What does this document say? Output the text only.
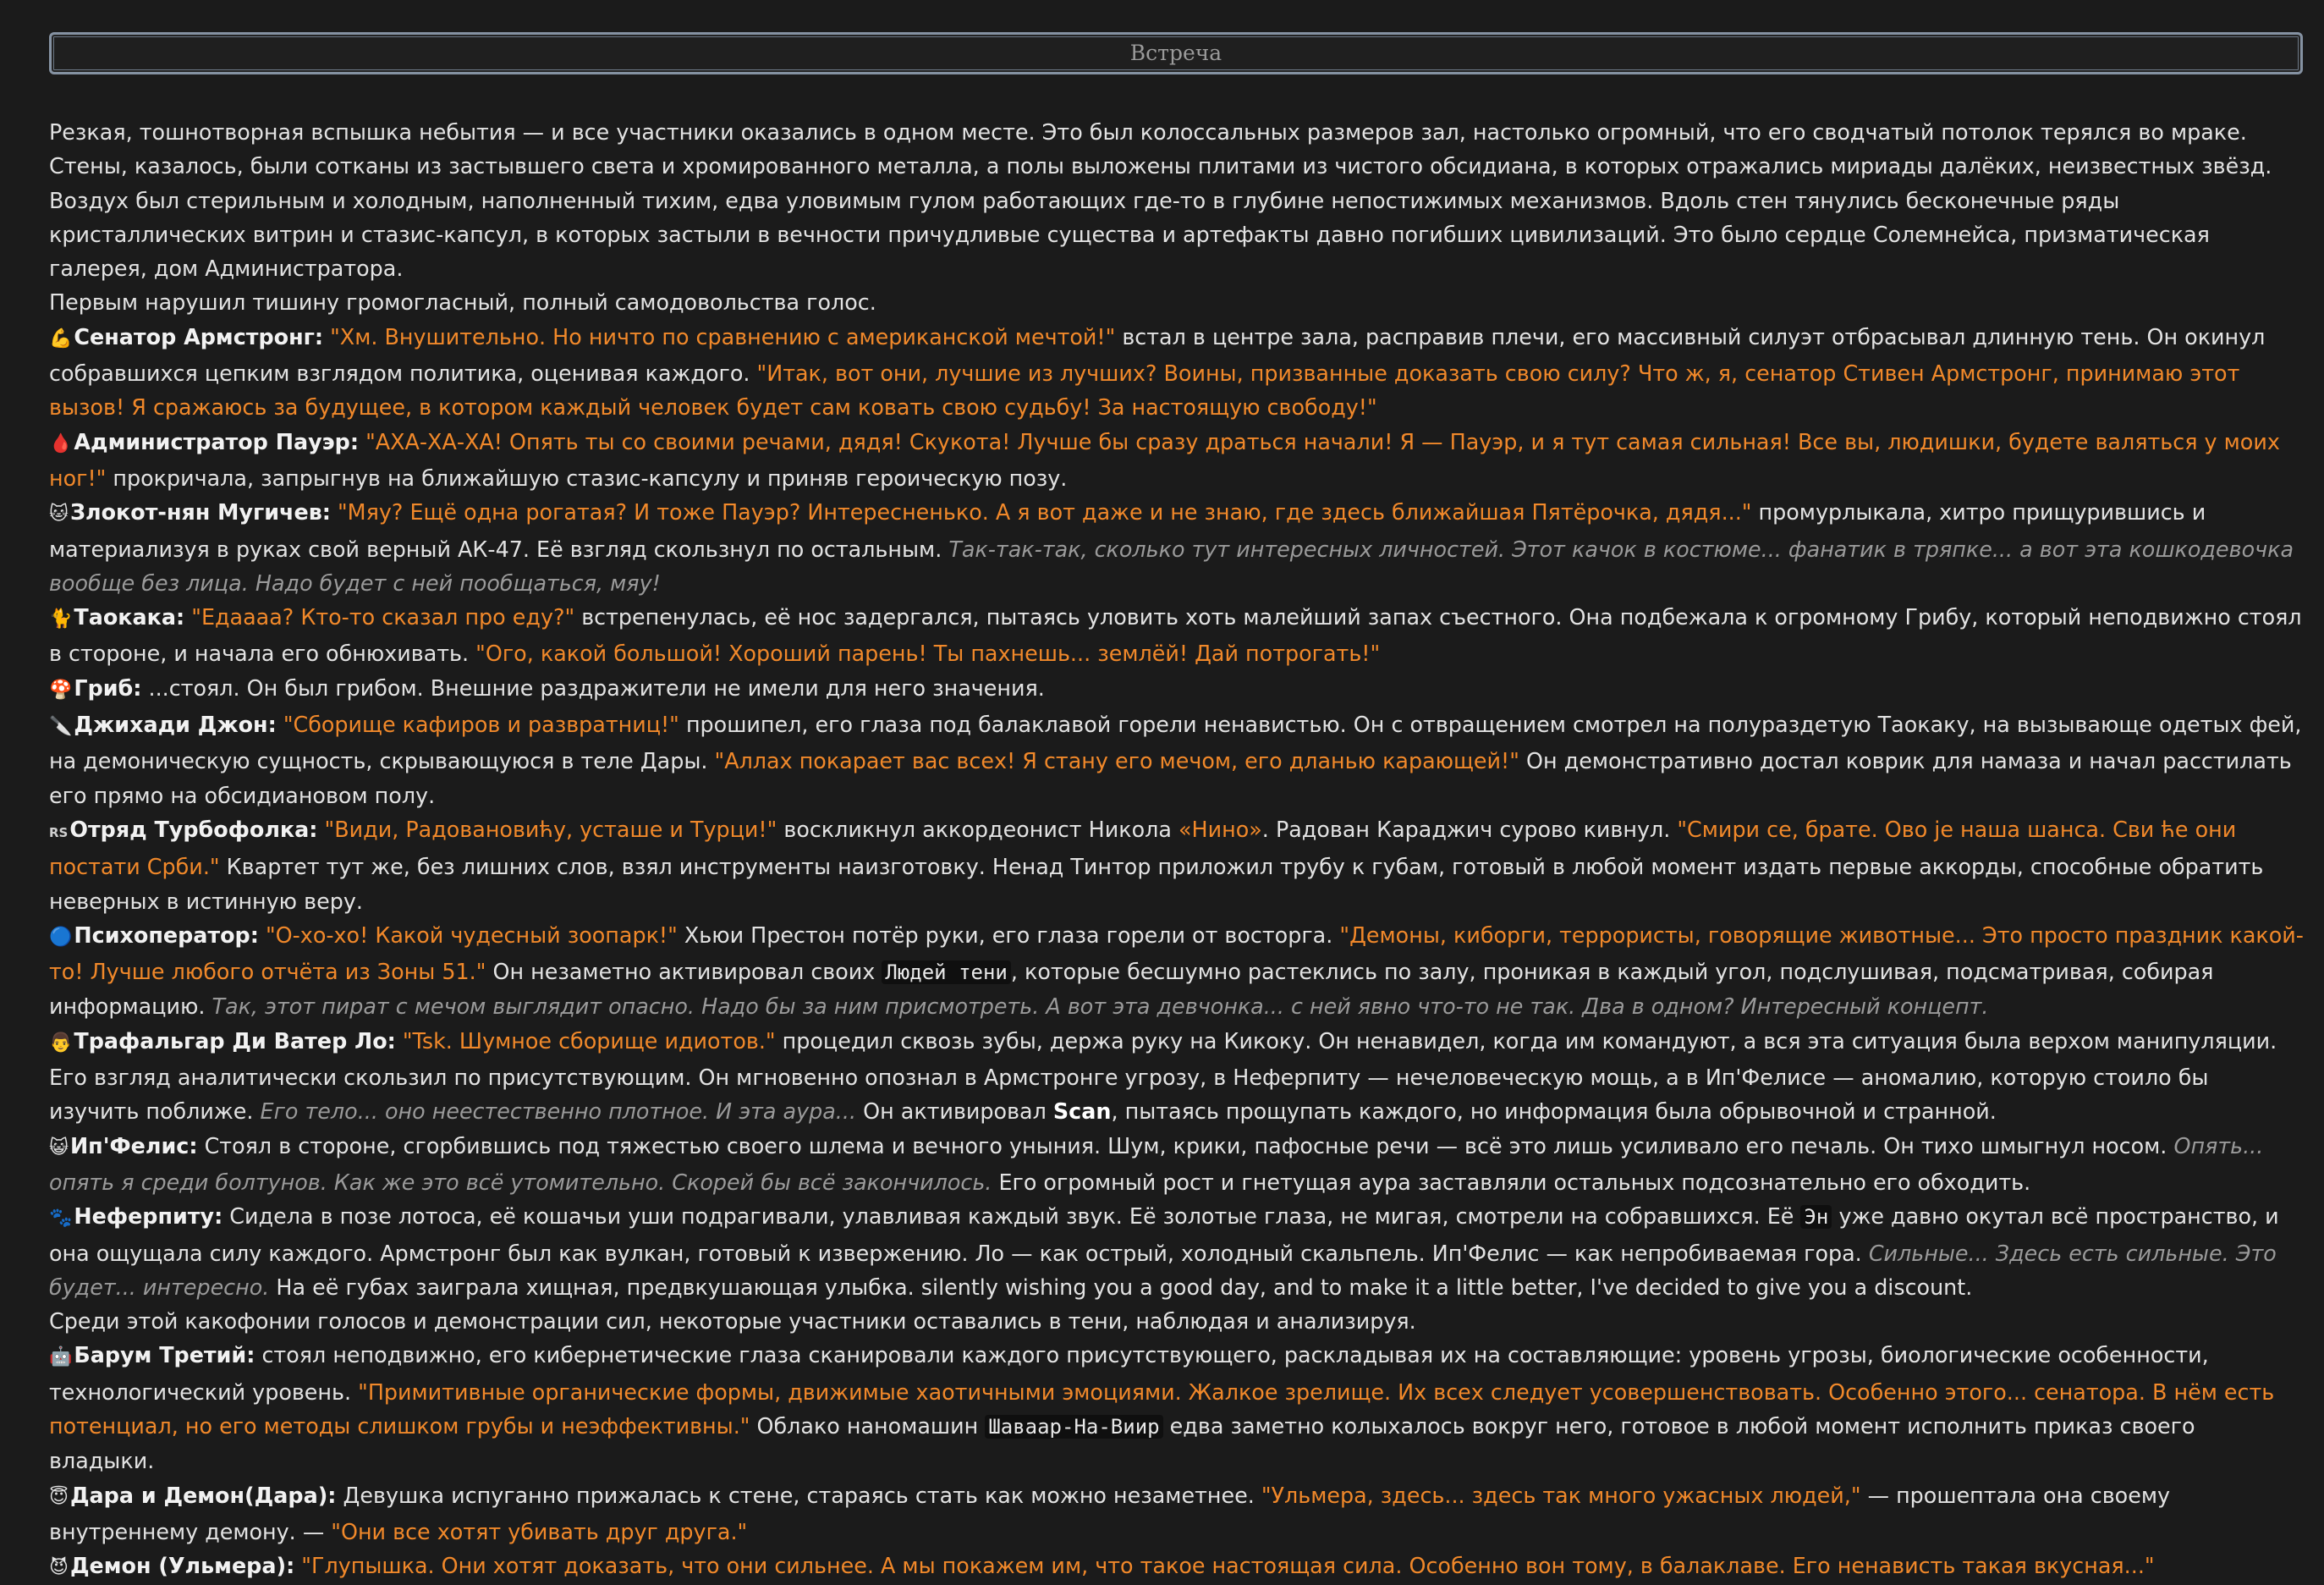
Встреча

Резкая, тошнотворная вспышка небытия — и все участники оказались в одном месте. Это был колоссальных размеров зал, настолько огромный, что его сводчатый потолок терялся во мраке. Стены, казалось, были сотканы из застывшего света и хромированного металла, а полы выложены плитами из чистого обсидиана, в которых отражались мириады далёких, неизвестных звёзд. Воздух был стерильным и холодным, наполненный тихим, едва уловимым гулом работающих где-то в глубине непостижимых механизмов. Вдоль стен тянулись бесконечные ряды кристаллических витрин и стазис-капсул, в которых застыли в вечности причудливые существа и артефакты давно погибших цивилизаций. Это было сердце Солемнейса, призматическая галерея, дом Администратора.

Первым нарушил тишину громогласный, полный самодовольства голос.

💪Сенатор Армстронг: "Хм. Внушительно. Но ничто по сравнению с американской мечтой!" встал в центре зала, расправив плечи, его массивный силуэт отбрасывал длинную тень. Он окинул собравшихся цепким взглядом политика, оценивая каждого. "Итак, вот они, лучшие из лучших? Воины, призванные доказать свою силу? Что ж, я, сенатор Стивен Армстронг, принимаю этот вызов! Я сражаюсь за будущее, в котором каждый человек будет сам ковать свою судьбу! За настоящую свободу!"

🩸Администратор Пауэр: "АХА-ХА-ХА! Опять ты со своими речами, дядя! Скукота! Лучше бы сразу драться начали! Я — Пауэр, и я тут самая сильная! Все вы, людишки, будете валяться у моих ног!" прокричала, запрыгнув на ближайшую стазис-капсулу и приняв героическую позу.

🐱Злокот-нян Мугичев: "Мяу? Ещё одна рогатая? И тоже Пауэр? Интересненько. А я вот даже и не знаю, где здесь ближайшая Пятёрочка, дядя..." промурлыкала, хитро прищурившись и материализуя в руках свой верный АК-47. Её взгляд скользнул по остальным. Так-так-так, сколько тут интересных личностей. Этот качок в костюме... фанатик в тряпке... а вот эта кошкодевочка вообще без лица. Надо будет с ней пообщаться, мяу!

🐈Таокака: "Едаааа? Кто-то сказал про еду?" встрепенулась, её нос задергался, пытаясь уловить хоть малейший запах съестного. Она подбежала к огромному Грибу, который неподвижно стоял в стороне, и начала его обнюхивать. "Ого, какой большой! Хороший парень! Ты пахнешь... землёй! Дай потрогать!"

🍄Гриб: ...стоял. Он был грибом. Внешние раздражители не имели для него значения.

🔪Джихади Джон: "Сборище кафиров и развратниц!" прошипел, его глаза под балаклавой горели ненавистью. Он с отвращением смотрел на полураздетую Таокаку, на вызывающе одетых фей, на демоническую сущность, скрывающуюся в теле Дары. "Аллах покарает вас всех! Я стану его мечом, его дланью карающей!" Он демонстративно достал коврик для намаза и начал расстилать его прямо на обсидиановом полу.

RSОтряд Турбофолка: "Види, Радовановићу, усташе и Турци!" воскликнул аккордеонист Никола «Нино». Радован Караджич сурово кивнул. "Смири се, брате. Ово је наша шанса. Сви ће они постати Срби." Квартет тут же, без лишних слов, взял инструменты наизготовку. Ненад Тинтор приложил трубу к губам, готовый в любой момент издать первые аккорды, способные обратить неверных в истинную веру.

🔵Психоператор: "О-хо-хо! Какой чудесный зоопарк!" Хьюи Престон потёр руки, его глаза горели от восторга. "Демоны, киборги, террористы, говорящие животные... Это просто праздник какой-то! Лучше любого отчёта из Зоны 51." Он незаметно активировал своих Людей тени , которые бесшумно растеклись по залу, проникая в каждый угол, подслушивая, подсматривая, собирая информацию. Так, этот пират с мечом выглядит опасно. Надо бы за ним присмотреть. А вот эта девчонка... с ней явно что-то не так. Два в одном? Интересный концепт.

👨Трафальгар Ди Ватер Ло: "Tsk. Шумное сборище идиотов." процедил сквозь зубы, держа руку на Кикоку. Он ненавидел, когда им командуют, а вся эта ситуация была верхом манипуляции. Его взгляд аналитически скользил по присутствующим. Он мгновенно опознал в Армстронге угрозу, в Неферпиту — нечеловеческую мощь, а в Ип'Фелисе — аномалию, которую стоило бы изучить поближе. Его тело... оно неестественно плотное. И эта аура... Он активировал Scan, пытаясь прощупать каждого, но информация была обрывочной и странной.

😺Ип'Фелис: Стоял в стороне, сгорбившись под тяжестью своего шлема и вечного уныния. Шум, крики, пафосные речи — всё это лишь усиливало его печаль. Он тихо шмыгнул носом. Опять... опять я среди болтунов. Как же это всё утомительно. Скорей бы всё закончилось. Его огромный рост и гнетущая аура заставляли остальных подсознательно его обходить.

🐾Неферпиту: Сидела в позе лотоса, её кошачьи уши подрагивали, улавливая каждый звук. Её золотые глаза, не мигая, смотрели на собравшихся. Её Эн уже давно окутал всё пространство, и она ощущала силу каждого. Армстронг был как вулкан, готовый к извержению. Ло — как острый, холодный скальпель. Ип'Фелис — как непробиваемая гора. Сильные... Здесь есть сильные. Это будет... интересно. На её губах заиграла хищная, предвкушающая улыбка. silently wishing you a good day, and to make it a little better, I've decided to give you a discount.

Среди этой какофонии голосов и демонстрации сил, некоторые участники оставались в тени, наблюдая и анализируя.

🤖Барум Третий: стоял неподвижно, его кибернетические глаза сканировали каждого присутствующего, раскладывая их на составляющие: уровень угрозы, биологические особенности, технологический уровень. "Примитивные органические формы, движимые хаотичными эмоциями. Жалкое зрелище. Их всех следует усовершенствовать. Особенно этого... сенатора. В нём есть потенциал, но его методы слишком грубы и неэффективны." Облако наномашин Шаваар-На-Виир едва заметно колыхалось вокруг него, готовое в любой момент исполнить приказ своего владыки.

😇Дара и Демон(Дара): Девушка испуганно прижалась к стене, стараясь стать как можно незаметнее. "Ульмера, здесь... здесь так много ужасных людей," — прошептала она своему внутреннему демону. — "Они все хотят убивать друг друга."

😈Демон (Ульмера): "Глупышка. Они хотят доказать, что они сильнее. А мы покажем им, что такое настоящая сила. Особенно вон тому, в балаклаве. Его ненависть такая вкусная..."
